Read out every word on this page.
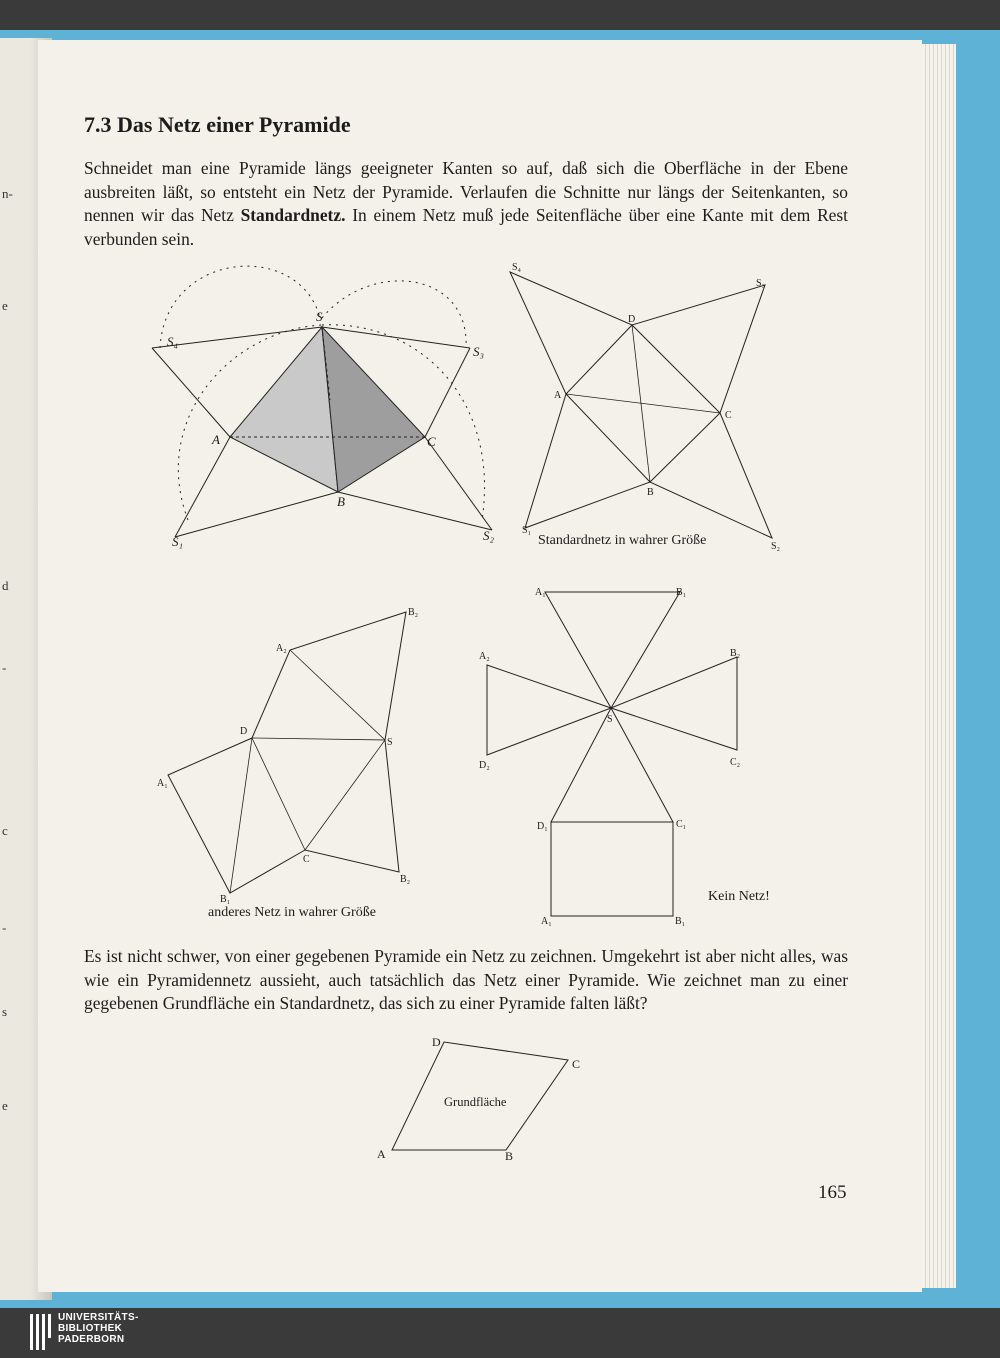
n-
e
d
-
c
-
s
e
7.3 Das Netz einer Pyramide

Schneidet man eine Pyramide längs geeigneter Kanten so auf, daß sich die Oberfläche in der Ebene ausbreiten läßt, so entsteht ein Netz der Pyramide. Verlaufen die Schnitte nur längs der Seitenkanten, so nennen wir das Netz Standardnetz. In einem Netz muß jede Seitenfläche über eine Kante mit dem Rest verbunden sein.

S
A
B
C
S₁	S₂
S₃
S₄
S₄
S₃
S₁
S₂
A
B
C
D
A₂
B₂
D
S
A₁
C
B₁
B₂
A₁	B₁
A₂	B₂
S
D₂	C₂
D₁	C₁
A₁	B₁
A	B
C
D
Grundfläche
Standardnetz in wahrer Größe
anderes Netz in wahrer Größe
Kein Netz!

Es ist nicht schwer, von einer gegebenen Pyramide ein Netz zu zeichnen. Umgekehrt ist aber nicht alles, was wie ein Pyramidennetz aussieht, auch tatsächlich das Netz einer Pyramide. Wie zeichnet man zu einer gegebenen Grundfläche ein Standardnetz, das sich zu einer Pyramide falten läßt?

165
UNIVERSITÄTS-
BIBLIOTHEK
PADERBORN
